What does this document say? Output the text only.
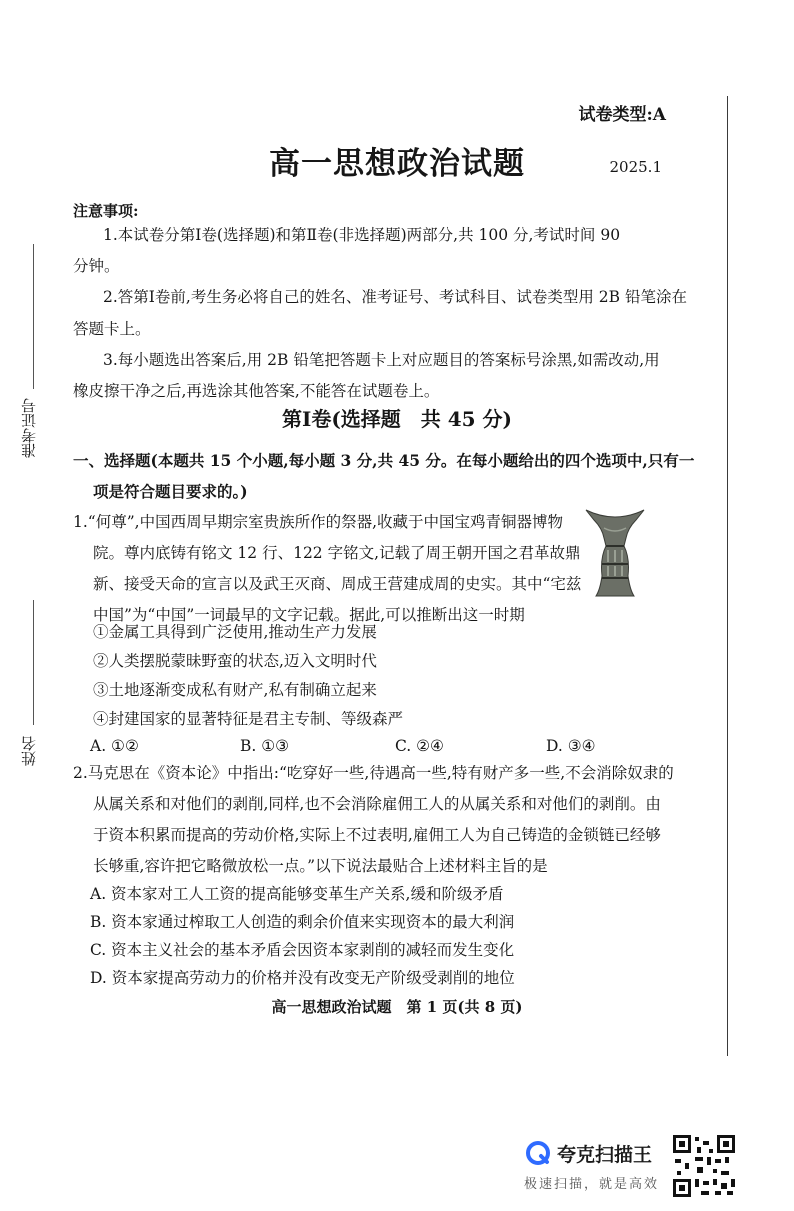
准考证号
姓名
试卷类型:A
高一思想政治试题	2025.1
注意事项:
1.本试卷分第Ⅰ卷(选择题)和第Ⅱ卷(非选择题)两部分,共 100 分,考试时间 90
分钟。
2.答第Ⅰ卷前,考生务必将自己的姓名、准考证号、考试科目、试卷类型用 2B 铅笔涂在
答题卡上。
3.每小题选出答案后,用 2B 铅笔把答题卡上对应题目的答案标号涂黑,如需改动,用
橡皮擦干净之后,再选涂其他答案,不能答在试题卷上。
第Ⅰ卷(选择题　共 45 分)
一、选择题(本题共 15 个小题,每小题 3 分,共 45 分。在每小题给出的四个选项中,只有一
项是符合题目要求的。)
1.“何尊”,中国西周早期宗室贵族所作的祭器,收藏于中国宝鸡青铜器博物
院。尊内底铸有铭文 12 行、122 字铭文,记载了周王朝开国之君革故鼎
新、接受天命的宣言以及武王灭商、周成王营建成周的史实。其中“宅兹
中国”为“中国”一词最早的文字记载。据此,可以推断出这一时期
①金属工具得到广泛使用,推动生产力发展
②人类摆脱蒙昧野蛮的状态,迈入文明时代
③土地逐渐变成私有财产,私有制确立起来
④封建国家的显著特征是君主专制、等级森严
A. ①②	B. ①③	C. ②④	D. ③④
2.马克思在《资本论》中指出:“吃穿好一些,待遇高一些,特有财产多一些,不会消除奴隶的
从属关系和对他们的剥削,同样,也不会消除雇佣工人的从属关系和对他们的剥削。由
于资本积累而提高的劳动价格,实际上不过表明,雇佣工人为自己铸造的金锁链已经够
长够重,容许把它略微放松一点。”以下说法最贴合上述材料主旨的是
A. 资本家对工人工资的提高能够变革生产关系,缓和阶级矛盾
B. 资本家通过榨取工人创造的剩余价值来实现资本的最大利润
C. 资本主义社会的基本矛盾会因资本家剥削的减轻而发生变化
D. 资本家提高劳动力的价格并没有改变无产阶级受剥削的地位
高一思想政治试题　第 1 页(共 8 页)
夸克扫描王
极速扫描，就是高效
